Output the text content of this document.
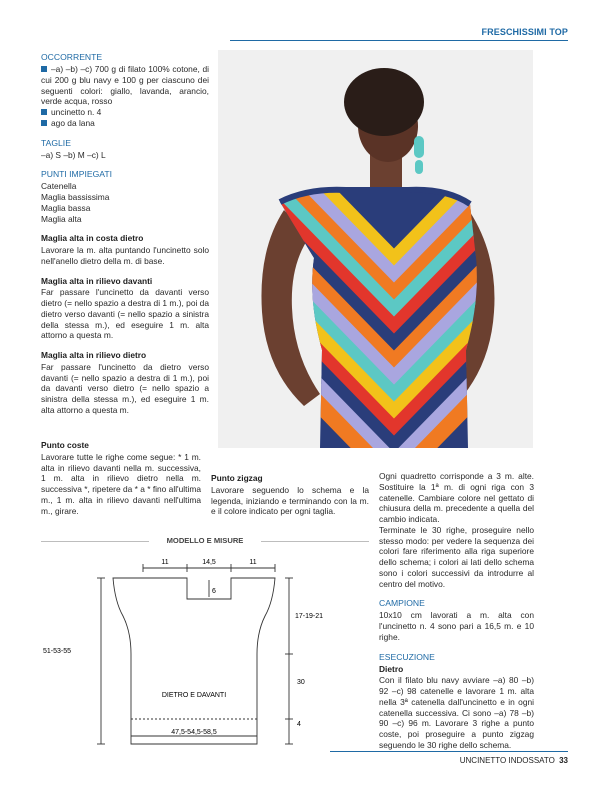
FRESCHISSIMI TOP
OCCORRENTE
–a) –b) –c) 700 g di filato 100% cotone, di cui 200 g blu navy e 100 g per ciascuno dei seguenti colori: giallo, lavanda, arancio, verde acqua, rosso
uncinetto n. 4
ago da lana
TAGLIE
–a) S –b) M –c) L
PUNTI IMPIEGATI
Catenella
Maglia bassissima
Maglia bassa
Maglia alta
Maglia alta in costa dietro
Lavorare la m. alta puntando l'uncinetto solo nell'anello dietro della m. di base.
Maglia alta in rilievo davanti
Far passare l'uncinetto da davanti verso dietro (= nello spazio a destra di 1 m.), poi da dietro verso davanti (= nello spazio a sinistra della stessa m.), ed eseguire 1 m. alta attorno a questa m.
Maglia alta in rilievo dietro
Far passare l'uncinetto da dietro verso davanti (= nello spazio a destra di 1 m.), poi da davanti verso dietro (= nello spazio a sinistra della stessa m.), ed eseguire 1 m. alta attorno a questa m.
Punto coste
Lavorare tutte le righe come segue: * 1 m. alta in rilievo davanti nella m. successiva, 1 m. alta in rilievo dietro nella m. successiva *, ripetere da * a * fino all'ultima m., 1 m. alta in rilievo davanti nell'ultima m., girare.
Punto zigzag
Lavorare seguendo lo schema e la legenda, iniziando e terminando con la m. e il colore indicato per ogni taglia.
Ogni quadretto corrisponde a 3 m. alte. Sostituire la 1ª m. di ogni riga con 3 catenelle. Cambiare colore nel gettato di chiusura della m. precedente a quella del cambio indicata.
Terminate le 30 righe, proseguire nello stesso modo: per vedere la sequenza dei colori fare riferimento alla riga superiore dello schema; i colori ai lati dello schema sono i colori successivi da introdurre al centro del motivo.
CAMPIONE
10x10 cm lavorati a m. alta con l'uncinetto n. 4 sono pari a 16,5 m. e 10 righe.
ESECUZIONE
Dietro
Con il filato blu navy avviare –a) 80 –b) 92 –c) 98 catenelle e lavorare 1 m. alta nella 3ª catenella dall'uncinetto e in ogni catenella successiva. Ci sono –a) 78 –b) 90 –c) 96 m. Lavorare 3 righe a punto coste, poi proseguire a punto zigzag seguendo le 30 righe dello schema.
MODELLO E MISURE
11	14,5	11
6
17-19-21
30
4
51-53-55
DIETRO E DAVANTI
47,5-54,5-58,5
UNCINETTO INDOSSATO 33
